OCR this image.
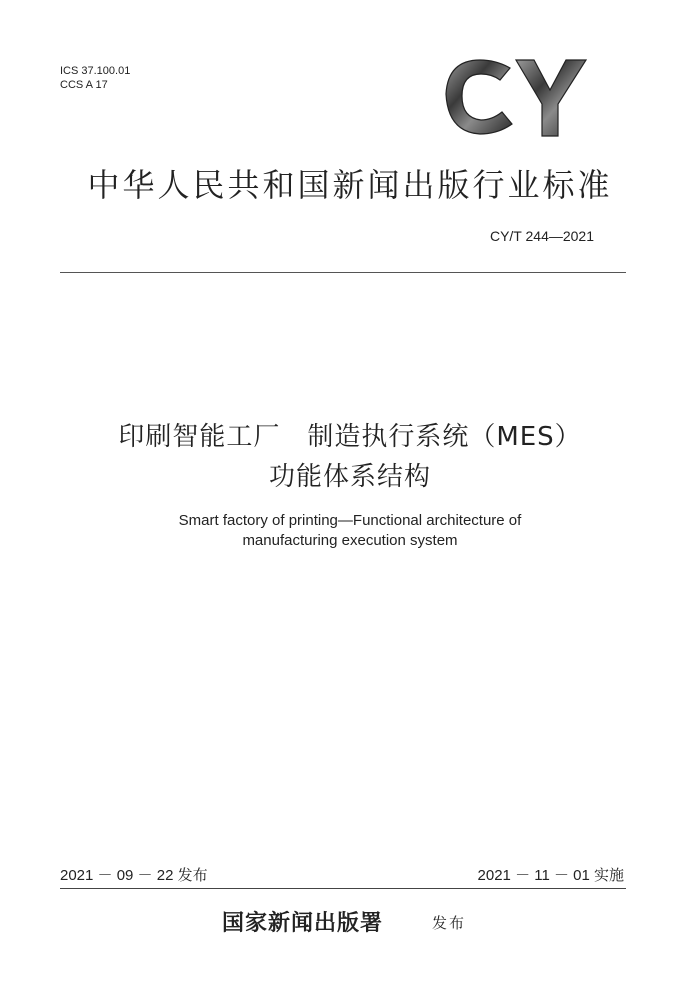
ICS 37.100.01
CCS A 17
中华人民共和国新闻出版行业标准
CY/T 244—2021
印刷智能工厂　制造执行系统（MES）
功能体系结构
Smart factory of printing—Functional architecture of
manufacturing execution system
2021 － 09 － 22 发布	2021 － 11 － 01 实施
国家新闻出版署	发布
